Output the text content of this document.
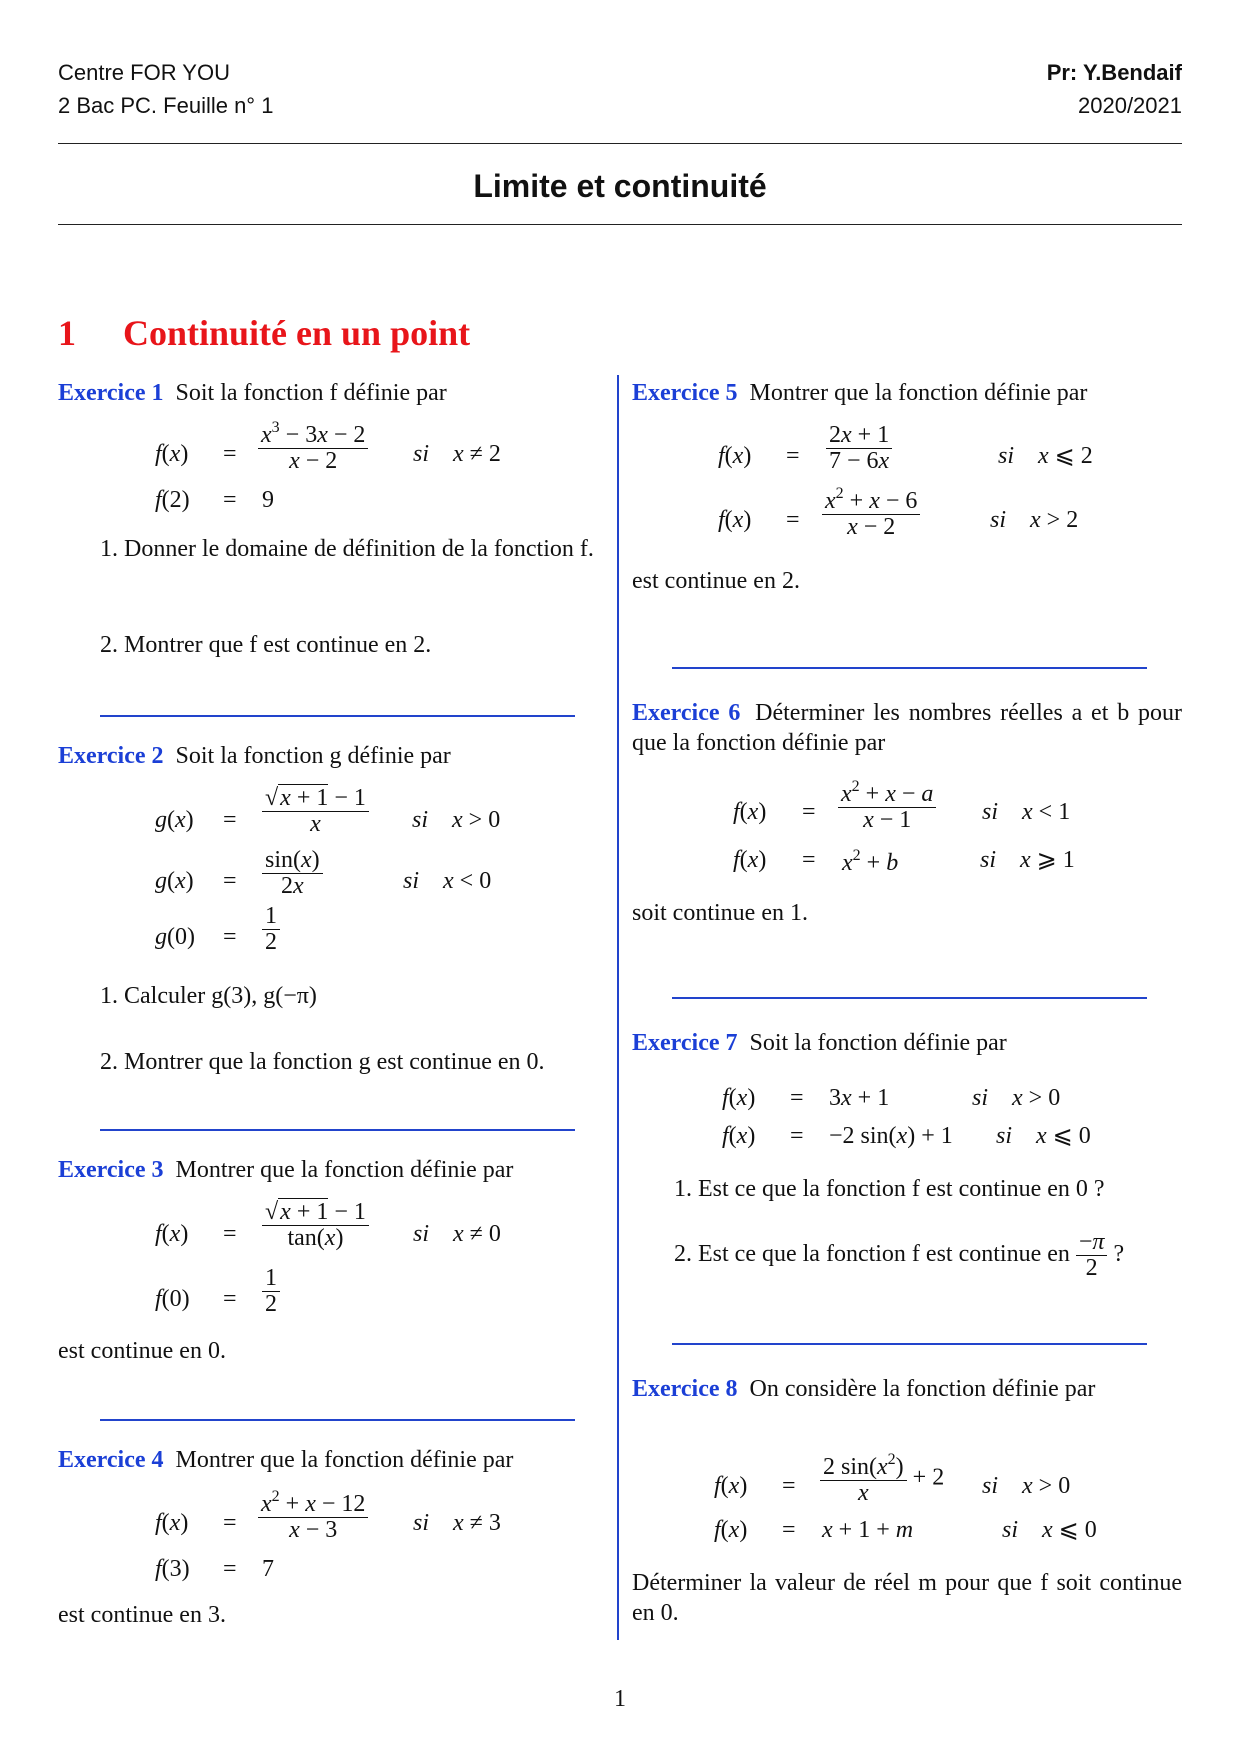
Centre FOR YOU
2 Bac PC. Feuille n° 1
Pr: Y.Bendaif
2020/2021
Limite et continuité
1 Continuité en un point
Exercice 1 Soit la fonction f définie par
$f(x) = \frac{x^3 - 3x - 2}{x - 2}$ si x ≠ 2
f(2) = 9
1. Donner le domaine de définition de la fonction f.
2. Montrer que f est continue en 2.
Exercice 2 Soit la fonction g définie par
$g(x) = \frac{√x + 1 - 1}{x}$ si x > 0
$g(x) = \frac{\sin(x)}{2x}$	si x < 0
$g(0) = \frac{1}{2}$
1. Calculer g(3), g(−π)
2. Montrer que la fonction g est continue en 0.
Exercice 3 Montrer que la fonction définie par
$f(x) = \frac{√x + 1 - 1}{\tan(x)}$ si x ≠ 0
$f(0) = \frac{1}{2}$
est continue en 0.
Exercice 4 Montrer que la fonction définie par
$f(x) = \frac{x^2 + x - 12}{x - 3}$ si x ≠ 3
f(3) = 7
est continue en 3.
Exercice 5 Montrer que la fonction définie par
$f(x) = \frac{2x + 1}{7 - 6x}$	si x ⩽ 2
$f(x) = \frac{x^2 + x - 6}{x - 2}$	si x > 2
est continue en 2.
Exercice 6 Déterminer les nombres réelles a et b pour que la fonction définie par
$f(x) = \frac{x^2 + x - a}{x - 1}$ si x < 1
$f(x) = x^2 + b$	si x ⩾ 1
soit continue en 1.
Exercice 7 Soit la fonction définie par
f(x) = 3x + 1	si x > 0
f(x) = −2 sin(x) + 1 si x ⩽ 0
1. Est ce que la fonction f est continue en 0 ?
2. Est ce que la fonction f est continue en $\frac{-\pi}{2}$ ?
Exercice 8 On considère la fonction définie par
$f(x) = \frac{2 \sin(x^2)}{x} + 2$ si x > 0
f(x) = x + 1 + m	si x ⩽ 0
Déterminer la valeur de réel m pour que f soit continue en 0.
1
